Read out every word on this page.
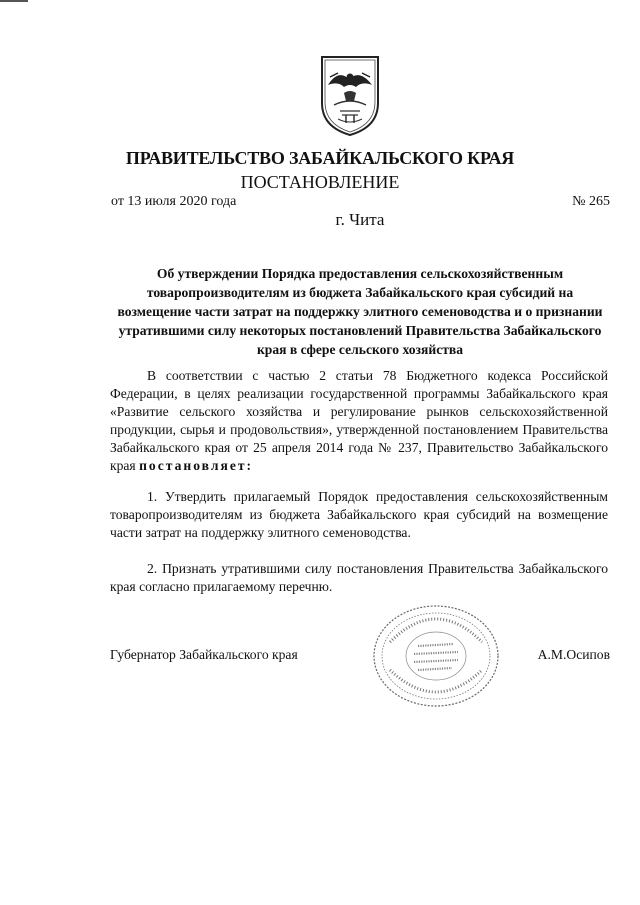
ПРАВИТЕЛЬСТВО ЗАБАЙКАЛЬСКОГО КРАЯ
ПОСТАНОВЛЕНИЕ
от 13 июля 2020 года	№ 265
г. Чита
Об утверждении Порядка предоставления сельскохозяйственным товаропроизводителям из бюджета Забайкальского края субсидий на возмещение части затрат на поддержку элитного семеноводства и о признании утратившими силу некоторых постановлений Правительства Забайкальского края в сфере сельского хозяйства

В соответствии с частью 2 статьи 78 Бюджетного кодекса Российской Федерации, в целях реализации государственной программы Забайкальского края «Развитие сельского хозяйства и регулирование рынков сельскохозяйственной продукции, сырья и продовольствия», утвержденной постановлением Правительства Забайкальского края от 25 апреля 2014 года № 237, Правительство Забайкальского края постановляет:

1. Утвердить прилагаемый Порядок предоставления сельскохозяйственным товаропроизводителям из бюджета Забайкальского края субсидий на возмещение части затрат на поддержку элитного семеноводства.

2. Признать утратившими силу постановления Правительства Забайкальского края согласно прилагаемому перечню.

Губернатор Забайкальского края	А.М.Осипов
